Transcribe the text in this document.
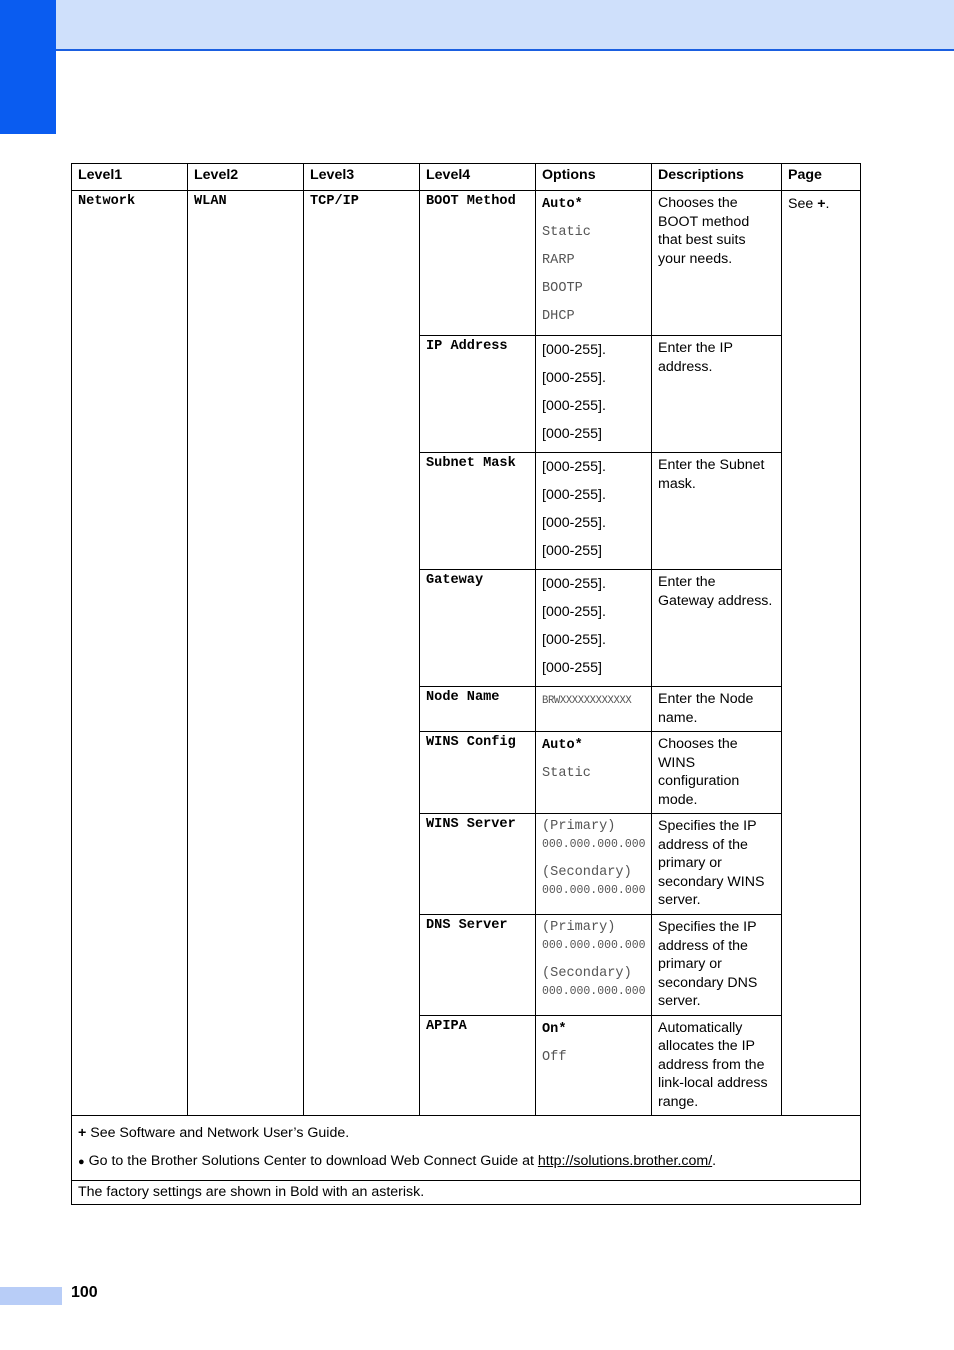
Level1	Level2	Level3	Level4	Options	Descriptions	Page
Network	WLAN	TCP/IP	BOOT Method	Auto*
Static
RARP
BOOTP
DHCP	Chooses the BOOT method that best suits your needs.	See +.
			IP Address	[000-255].
[000-255].
[000-255].
[000-255]	Enter the IP address.	
			Subnet Mask	[000-255].
[000-255].
[000-255].
[000-255]	Enter the Subnet mask.	
			Gateway	[000-255].
[000-255].
[000-255].
[000-255]	Enter the Gateway address.	
			Node Name	BRWXXXXXXXXXXXX	Enter the Node name.	
			WINS Config	Auto*
Static	Chooses the WINS configuration mode.	
			WINS Server	(Primary)
000.000.000.000
(Secondary)
000.000.000.000	Specifies the IP address of the primary or secondary WINS server.	
			DNS Server	(Primary)
000.000.000.000
(Secondary)
000.000.000.000	Specifies the IP address of the primary or secondary DNS server.	
			APIPA	On*
Off	Automatically allocates the IP address from the link-local address range.	

+ See Software and Network User’s Guide.
● Go to the Brother Solutions Center to download Web Connect Guide at http://solutions.brother.com/.						

The factory settings are shown in Bold with an asterisk.						
100
